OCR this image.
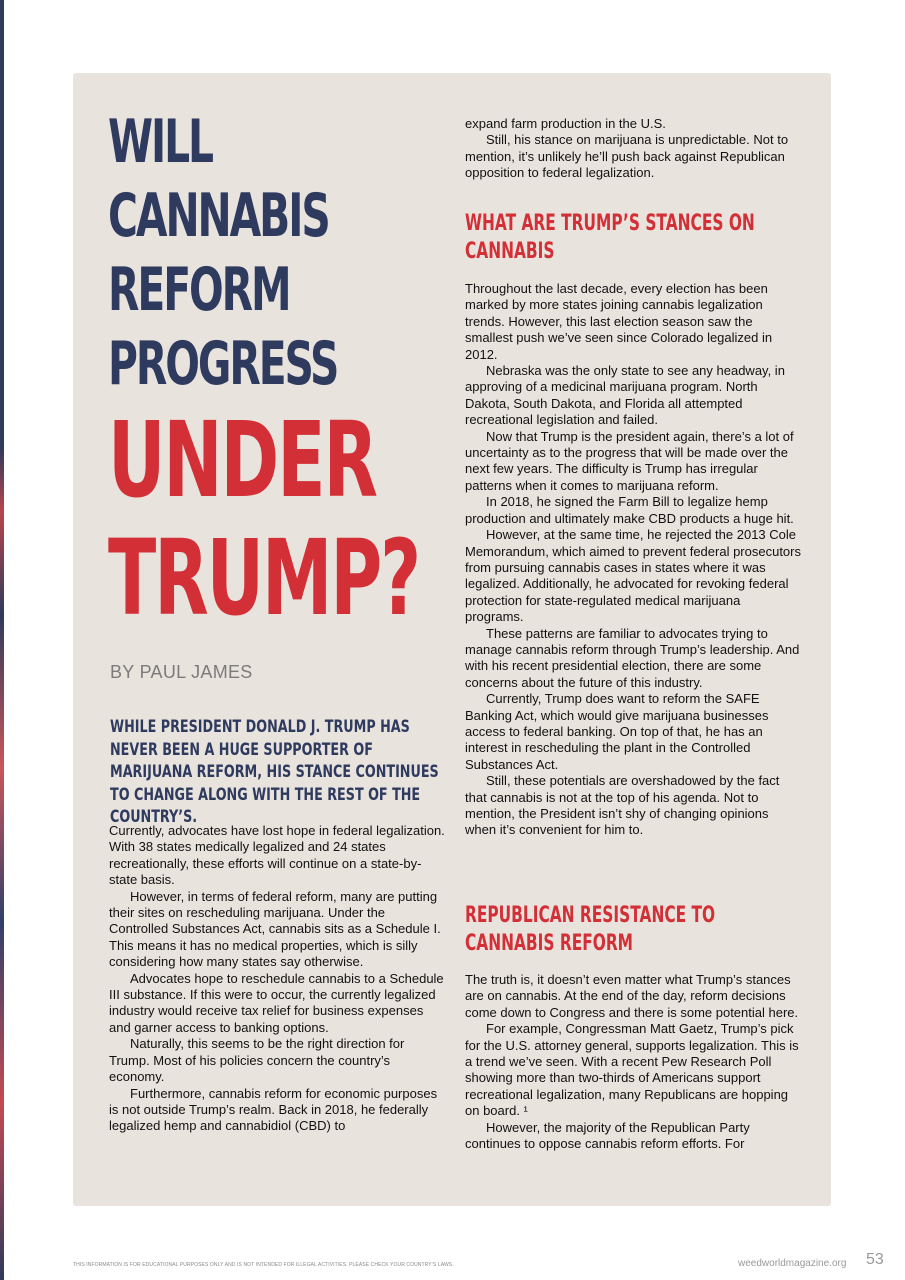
WILL
CANNABIS
REFORM
PROGRESS
UNDER
TRUMP?

BY PAUL JAMES

WHILE PRESIDENT DONALD J. TRUMP HAS NEVER BEEN A HUGE SUPPORTER OF MARIJUANA REFORM, HIS STANCE CONTINUES TO CHANGE ALONG WITH THE REST OF THE COUNTRY’S.

Currently, advocates have lost hope in federal legalization. With 38 states medically legalized and 24 states recreationally, these efforts will continue on a state-by-state basis.

However, in terms of federal reform, many are putting their sites on rescheduling marijuana. Under the Controlled Substances Act, cannabis sits as a Schedule I. This means it has no medical properties, which is silly considering how many states say otherwise.

Advocates hope to reschedule cannabis to a Schedule III substance. If this were to occur, the currently legalized industry would receive tax relief for business expenses and garner access to banking options.

Naturally, this seems to be the right direction for Trump. Most of his policies concern the country’s economy.

Furthermore, cannabis reform for economic purposes is not outside Trump’s realm. Back in 2018, he federally legalized hemp and cannabidiol (CBD) to

expand farm production in the U.S.

Still, his stance on marijuana is unpredictable. Not to mention, it’s unlikely he’ll push back against Republican opposition to federal legalization.

WHAT ARE TRUMP’S STANCES ON CANNABIS

Throughout the last decade, every election has been marked by more states joining cannabis legalization trends. However, this last election season saw the smallest push we’ve seen since Colorado legalized in 2012.

Nebraska was the only state to see any headway, in approving of a medicinal marijuana program. North Dakota, South Dakota, and Florida all attempted recreational legislation and failed.

Now that Trump is the president again, there’s a lot of uncertainty as to the progress that will be made over the next few years. The difficulty is Trump has irregular patterns when it comes to marijuana reform.

In 2018, he signed the Farm Bill to legalize hemp production and ultimately make CBD products a huge hit.

However, at the same time, he rejected the 2013 Cole Memorandum, which aimed to prevent federal prosecutors from pursuing cannabis cases in states where it was legalized. Additionally, he advocated for revoking federal protection for state-regulated medical marijuana programs.

These patterns are familiar to advocates trying to manage cannabis reform through Trump’s leadership. And with his recent presidential election, there are some concerns about the future of this industry.

Currently, Trump does want to reform the SAFE Banking Act, which would give marijuana businesses access to federal banking. On top of that, he has an interest in rescheduling the plant in the Controlled Substances Act.

Still, these potentials are overshadowed by the fact that cannabis is not at the top of his agenda. Not to mention, the President isn’t shy of changing opinions when it’s convenient for him to.

REPUBLICAN RESISTANCE TO CANNABIS REFORM

The truth is, it doesn’t even matter what Trump’s stances are on cannabis. At the end of the day, reform decisions come down to Congress and there is some potential here.

For example, Congressman Matt Gaetz, Trump’s pick for the U.S. attorney general, supports legalization. This is a trend we’ve seen. With a recent Pew Research Poll showing more than two-thirds of Americans support recreational legalization, many Republicans are hopping on board. ¹

However, the majority of the Republican Party continues to oppose cannabis reform efforts. For

THIS INFORMATION IS FOR EDUCATIONAL PURPOSES ONLY AND IS NOT INTENDED FOR ILLEGAL ACTIVITIES. PLEASE CHECK YOUR COUNTRY’S LAWS.	weedworldmagazine.org 53
